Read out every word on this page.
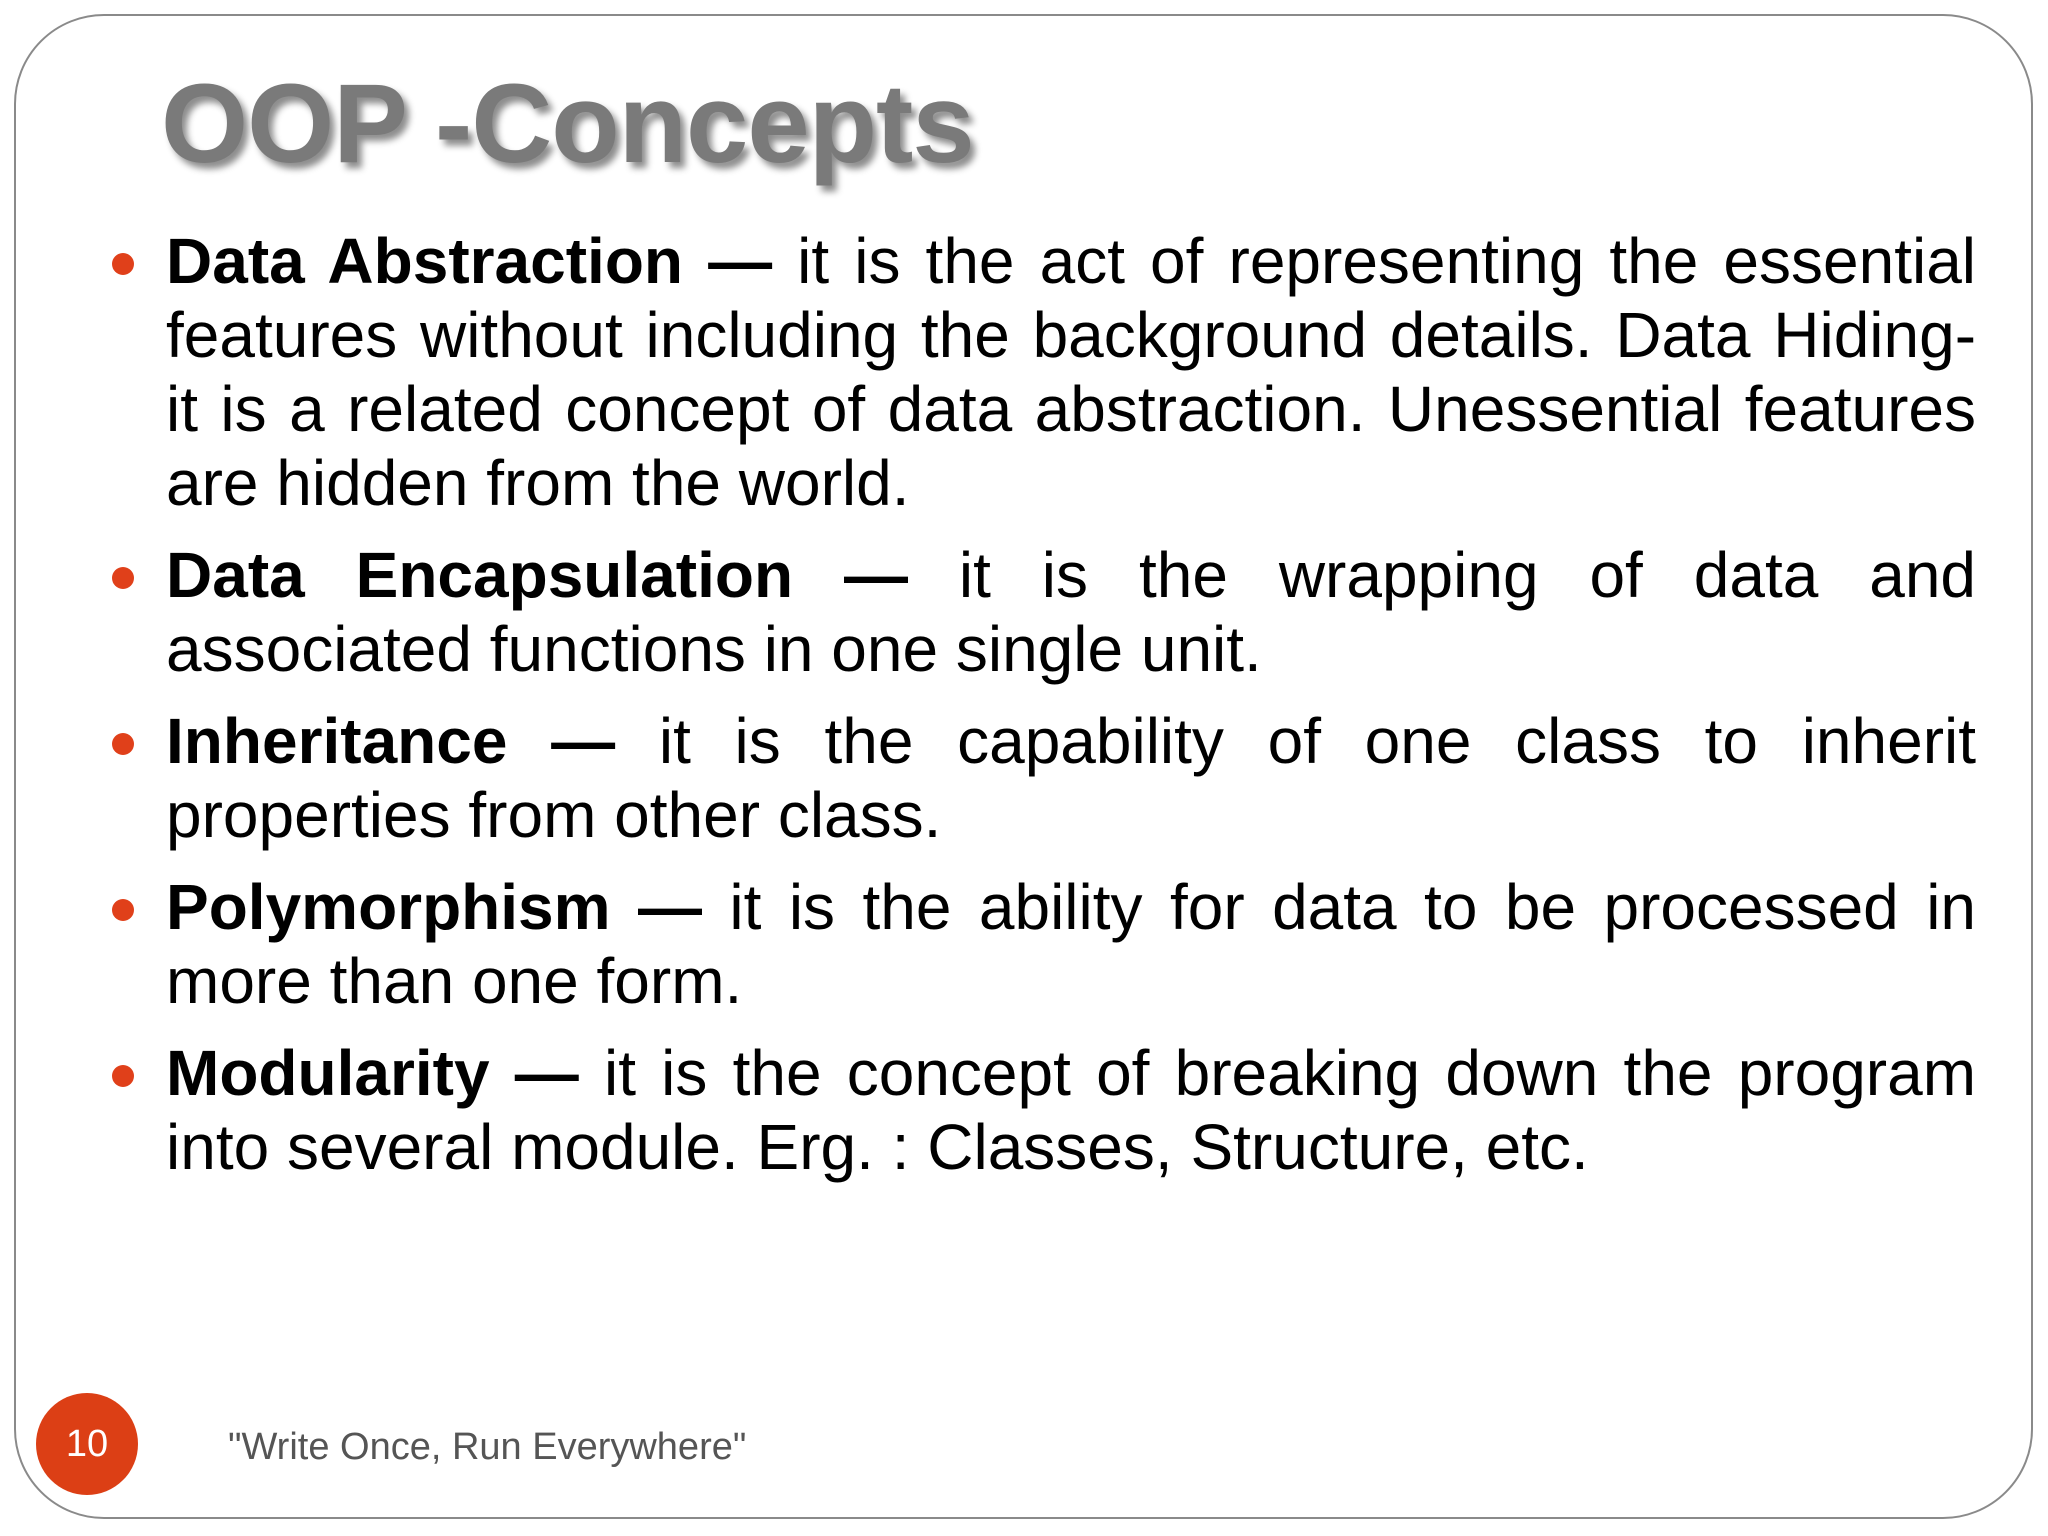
OOP -Concepts
Data Abstraction — it is the act of representing the essential features without including the background details. Data Hiding- it is a related concept of data abstraction. Unessential features are hidden from the world.
Data Encapsulation — it is the wrapping of data and associated functions in one single unit.
Inheritance — it is the capability of one class to inherit properties from other class.
Polymorphism — it is the ability for data to be processed in more than one form.
Modularity — it is the concept of breaking down the program into several module. Erg. : Classes, Structure, etc.
10	"Write Once, Run Everywhere"
